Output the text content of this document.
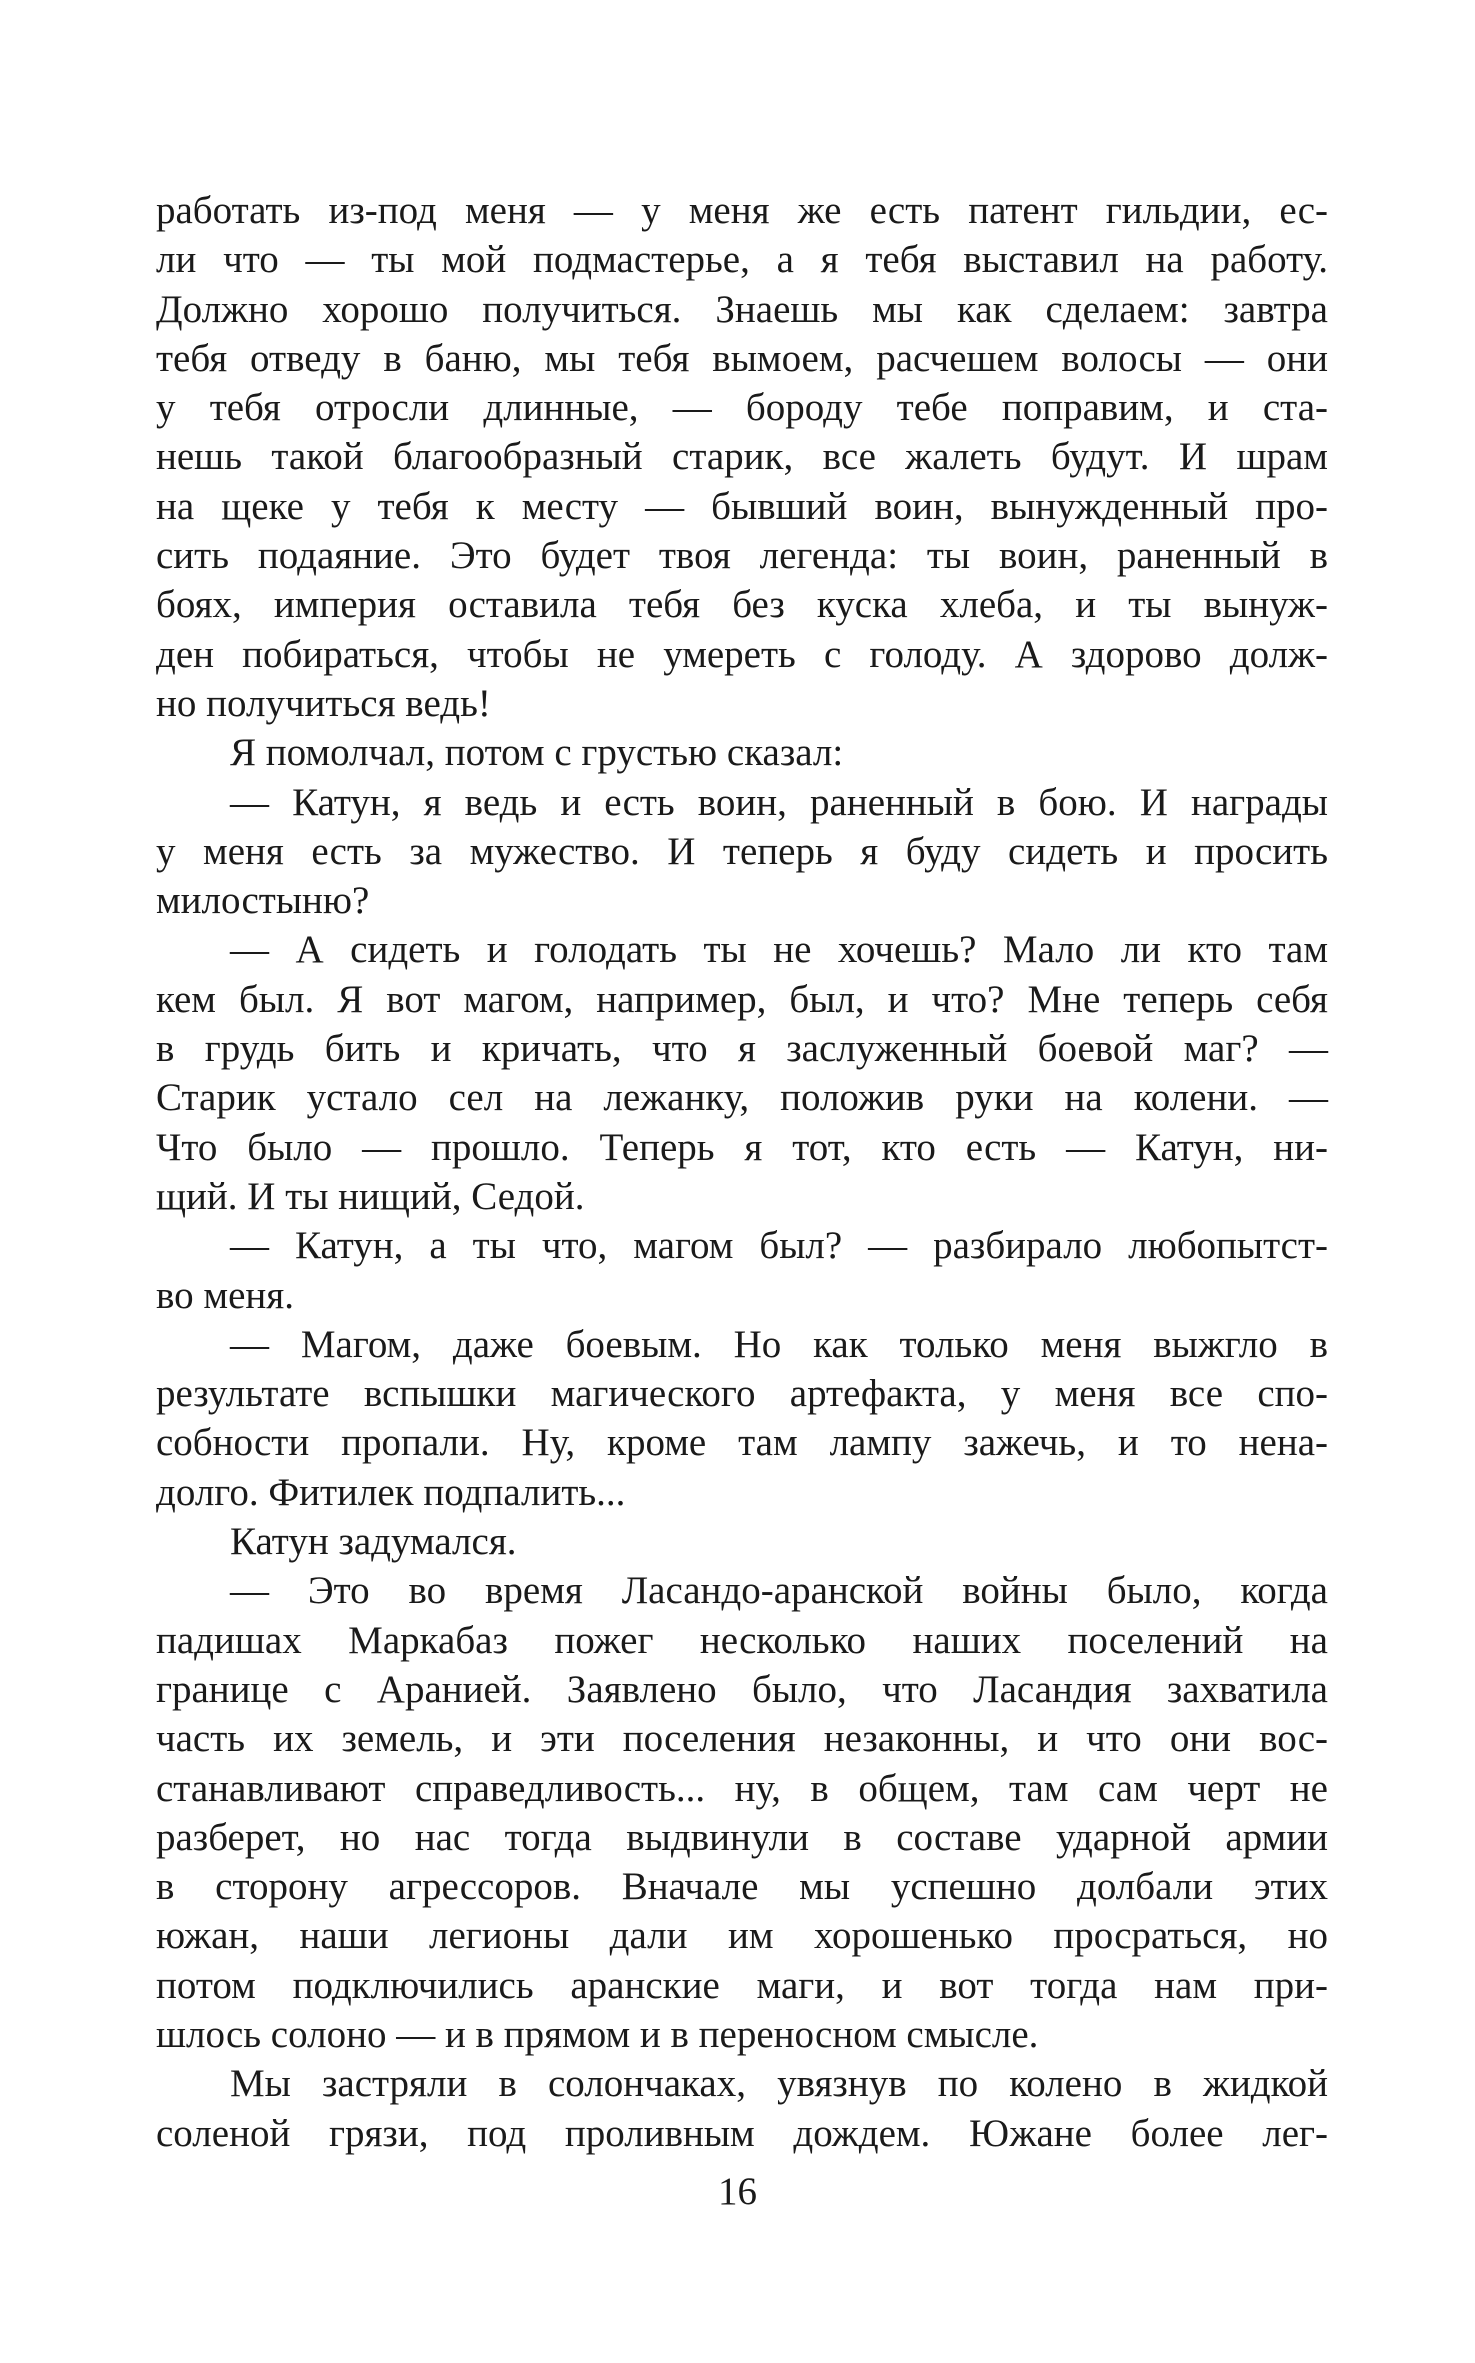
работать из-под меня — у меня же есть патент гильдии, ес-
ли что — ты мой подмастерье, а я тебя выставил на работу.
Должно хорошо получиться. Знаешь мы как сделаем: завтра
тебя отведу в баню, мы тебя вымоем, расчешем волосы — они
у тебя отросли длинные, — бороду тебе поправим, и ста-
нешь такой благообразный старик, все жалеть будут. И шрам
на щеке у тебя к месту — бывший воин, вынужденный про-
сить подаяние. Это будет твоя легенда: ты воин, раненный в
боях, империя оставила тебя без куска хлеба, и ты вынуж-
ден побираться, чтобы не умереть с голоду. А здорово долж-
но получиться ведь!
Я помолчал, потом с грустью сказал:
— Катун, я ведь и есть воин, раненный в бою. И награды
у меня есть за мужество. И теперь я буду сидеть и просить
милостыню?
— А сидеть и голодать ты не хочешь? Мало ли кто там
кем был. Я вот магом, например, был, и что? Мне теперь себя
в грудь бить и кричать, что я заслуженный боевой маг? —
Старик устало сел на лежанку, положив руки на колени. —
Что было — прошло. Теперь я тот, кто есть — Катун, ни-
щий. И ты нищий, Седой.
— Катун, а ты что, магом был? — разбирало любопытст-
во меня.
— Магом, даже боевым. Но как только меня выжгло в
результате вспышки магического артефакта, у меня все спо-
собности пропали. Ну, кроме там лампу зажечь, и то нена-
долго. Фитилек подпалить...
Катун задумался.
— Это во время Ласандо-аранской войны было, когда
падишах Маркабаз пожег несколько наших поселений на
границе с Аранией. Заявлено было, что Ласандия захватила
часть их земель, и эти поселения незаконны, и что они вос-
станавливают справедливость... ну, в общем, там сам черт не
разберет, но нас тогда выдвинули в составе ударной армии
в сторону агрессоров. Вначале мы успешно долбали этих
южан, наши легионы дали им хорошенько просраться, но
потом подключились аранские маги, и вот тогда нам при-
шлось солоно — и в прямом и в переносном смысле.
Мы застряли в солончаках, увязнув по колено в жидкой
соленой грязи, под проливным дождем. Южане более лег-
16
